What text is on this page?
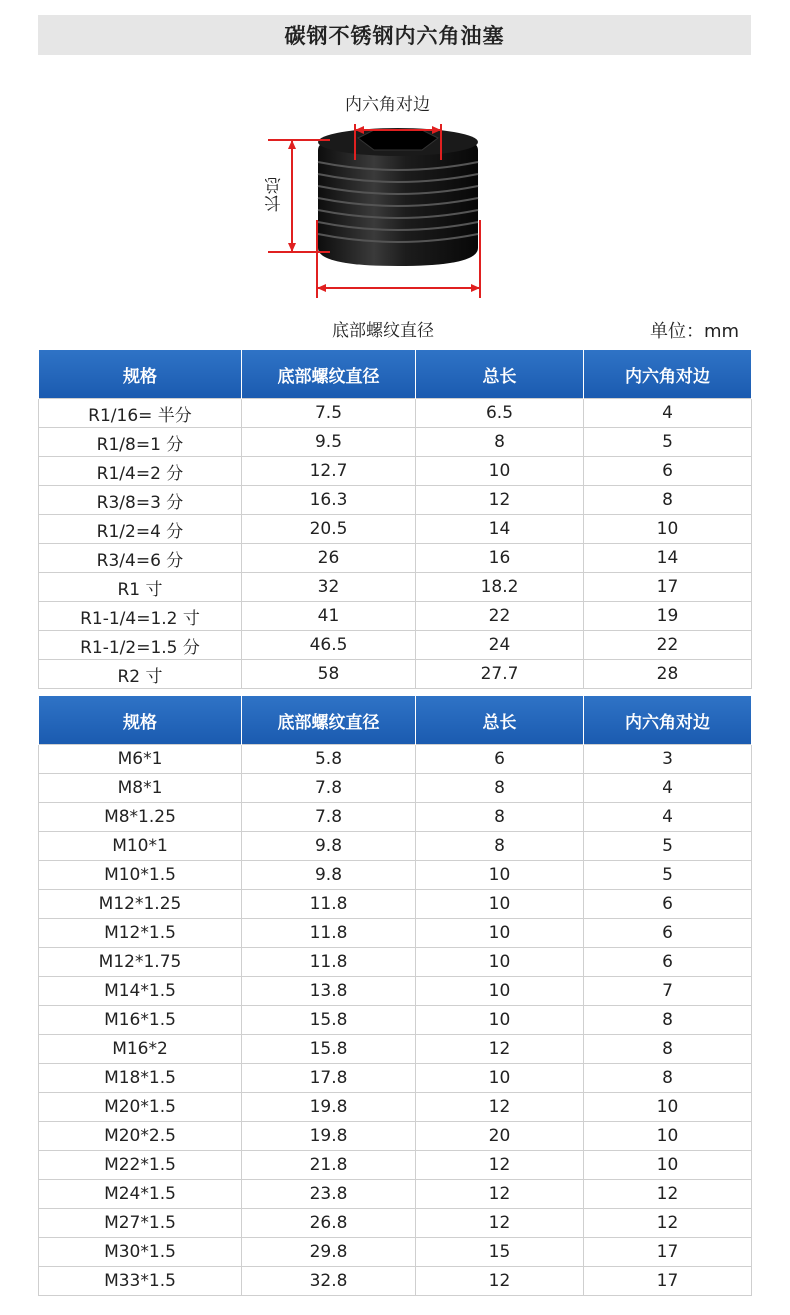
碳钢不锈钢内六角油塞
内六角对边
长总
底部螺纹直径	单位：mm
规格	底部螺纹直径	总长	内六角对边
R1/16= 半分	7.5	6.5	4
R1/8=1 分	9.5	8	5
R1/4=2 分	12.7	10	6
R3/8=3 分	16.3	12	8
R1/2=4 分	20.5	14	10
R3/4=6 分	26	16	14
R1 寸	32	18.2	17
R1-1/4=1.2 寸	41	22	19
R1-1/2=1.5 分	46.5	24	22
R2 寸	58	27.7	28
规格	底部螺纹直径	总长	内六角对边
M6*1	5.8	6	3
M8*1	7.8	8	4
M8*1.25	7.8	8	4
M10*1	9.8	8	5
M10*1.5	9.8	10	5
M12*1.25	11.8	10	6
M12*1.5	11.8	10	6
M12*1.75	11.8	10	6
M14*1.5	13.8	10	7
M16*1.5	15.8	10	8
M16*2	15.8	12	8
M18*1.5	17.8	10	8
M20*1.5	19.8	12	10
M20*2.5	19.8	20	10
M22*1.5	21.8	12	10
M24*1.5	23.8	12	12
M27*1.5	26.8	12	12
M30*1.5	29.8	15	17
M33*1.5	32.8	12	17
